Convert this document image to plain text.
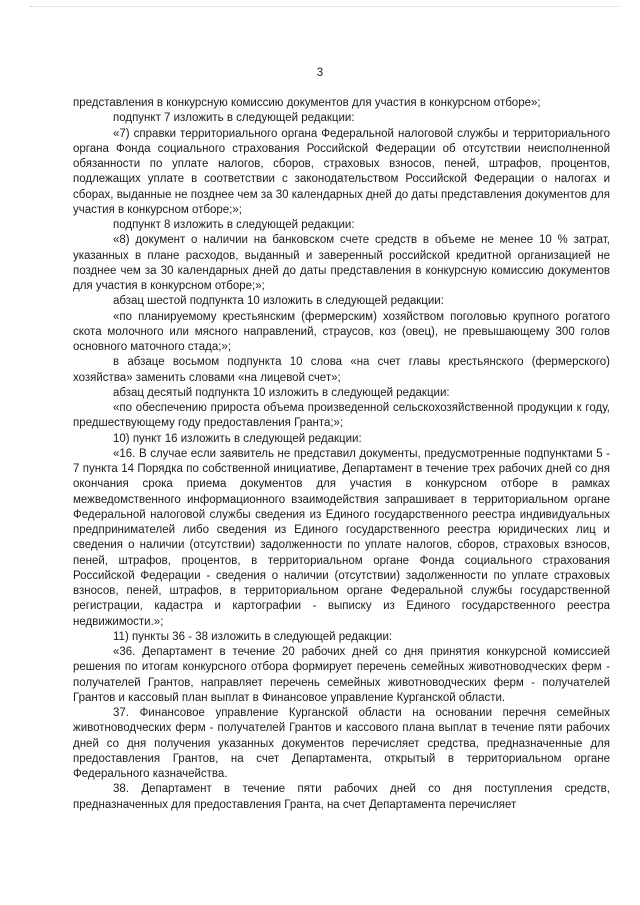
3

представления в конкурсную комиссию документов для участия в конкурсном отборе»;

подпункт 7 изложить в следующей редакции:

«7) справки территориального органа Федеральной налоговой службы и территориального органа Фонда социального страхования Российской Федерации об отсутствии неисполненной обязанности по уплате налогов, сборов, страховых взносов, пеней, штрафов, процентов, подлежащих уплате в соответствии с законодательством Российской Федерации о налогах и сборах, выданные не позднее чем за 30 календарных дней до даты представления документов для участия в конкурсном отборе;»;

подпункт 8 изложить в следующей редакции:

«8) документ о наличии на банковском счете средств в объеме не менее 10 % затрат, указанных в плане расходов, выданный и заверенный российской кредитной организацией не позднее чем за 30 календарных дней до даты представления в конкурсную комиссию документов для участия в конкурсном отборе;»;

абзац шестой подпункта 10 изложить в следующей редакции:

«по планируемому крестьянским (фермерским) хозяйством поголовью крупного рогатого скота молочного или мясного направлений, страусов, коз (овец), не превышающему 300 голов основного маточного стада;»;

в абзаце восьмом подпункта 10 слова «на счет главы крестьянского (фермерского) хозяйства» заменить словами «на лицевой счет»;

абзац десятый подпункта 10 изложить в следующей редакции:

«по обеспечению прироста объема произведенной сельскохозяйственной продукции к году, предшествующему году предоставления Гранта;»;

10) пункт 16 изложить в следующей редакции:

«16. В случае если заявитель не представил документы, предусмотренные подпунктами 5 - 7 пункта 14 Порядка по собственной инициативе, Департамент в течение трех рабочих дней со дня окончания срока приема документов для участия в конкурсном отборе в рамках межведомственного информационного взаимодействия запрашивает в территориальном органе Федеральной налоговой службы сведения из Единого государственного реестра индивидуальных предпринимателей либо сведения из Единого государственного реестра юридических лиц и сведения о наличии (отсутствии) задолженности по уплате налогов, сборов, страховых взносов, пеней, штрафов, процентов, в территориальном органе Фонда социального страхования Российской Федерации - сведения о наличии (отсутствии) задолженности по уплате страховых взносов, пеней, штрафов, в территориальном органе Федеральной службы государственной регистрации, кадастра и картографии - выписку из Единого государственного реестра недвижимости.»;

11) пункты 36 - 38 изложить в следующей редакции:

«36. Департамент в течение 20 рабочих дней со дня принятия конкурсной комиссией решения по итогам конкурсного отбора формирует перечень семейных животноводческих ферм - получателей Грантов, направляет перечень семейных животноводческих ферм - получателей Грантов и кассовый план выплат в Финансовое управление Курганской области.

37. Финансовое управление Курганской области на основании перечня семейных животноводческих ферм - получателей Грантов и кассового плана выплат в течение пяти рабочих дней со дня получения указанных документов перечисляет средства, предназначенные для предоставления Грантов, на счет Департамента, открытый в территориальном органе Федерального казначейства.

38. Департамент в течение пяти рабочих дней со дня поступления средств, предназначенных для предоставления Гранта, на счет Департамента перечисляет
